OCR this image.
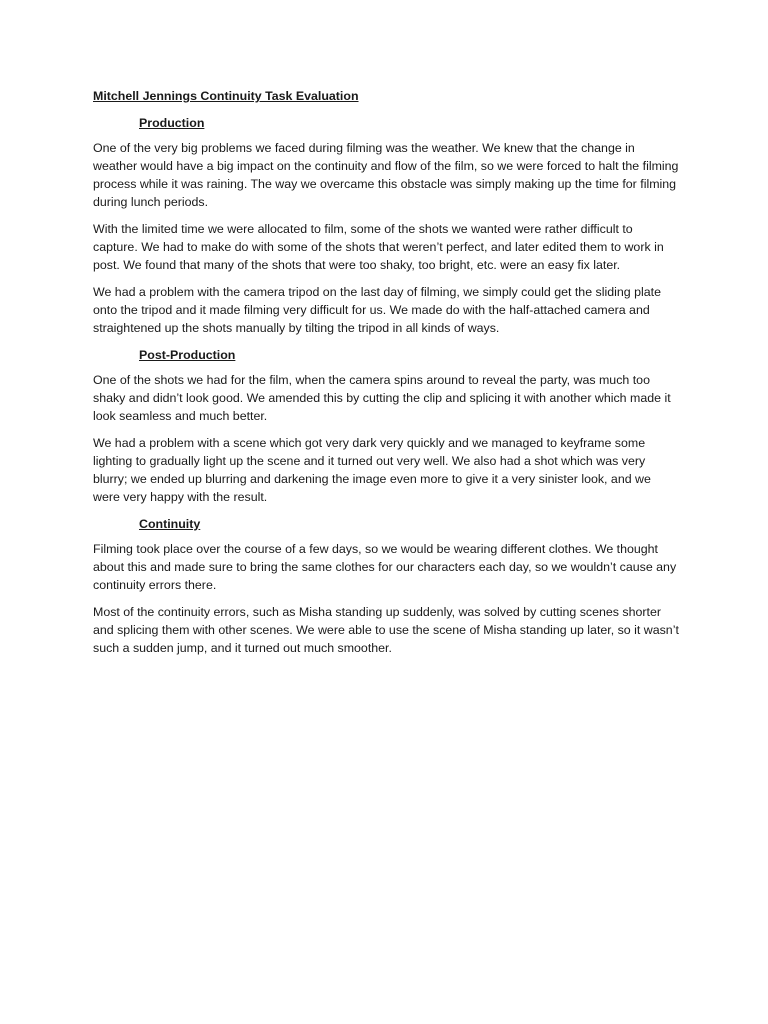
Mitchell Jennings Continuity Task Evaluation

Production

One of the very big problems we faced during filming was the weather. We knew that the change in weather would have a big impact on the continuity and flow of the film, so we were forced to halt the filming process while it was raining. The way we overcame this obstacle was simply making up the time for filming during lunch periods.

With the limited time we were allocated to film, some of the shots we wanted were rather difficult to capture. We had to make do with some of the shots that weren’t perfect, and later edited them to work in post. We found that many of the shots that were too shaky, too bright, etc. were an easy fix later.

We had a problem with the camera tripod on the last day of filming, we simply could get the sliding plate onto the tripod and it made filming very difficult for us. We made do with the half-attached camera and straightened up the shots manually by tilting the tripod in all kinds of ways.

Post-Production

One of the shots we had for the film, when the camera spins around to reveal the party, was much too shaky and didn’t look good. We amended this by cutting the clip and splicing it with another which made it look seamless and much better.

We had a problem with a scene which got very dark very quickly and we managed to keyframe some lighting to gradually light up the scene and it turned out very well. We also had a shot which was very blurry; we ended up blurring and darkening the image even more to give it a very sinister look, and we were very happy with the result.

Continuity

Filming took place over the course of a few days, so we would be wearing different clothes. We thought about this and made sure to bring the same clothes for our characters each day, so we wouldn’t cause any continuity errors there.

Most of the continuity errors, such as Misha standing up suddenly, was solved by cutting scenes shorter and splicing them with other scenes. We were able to use the scene of Misha standing up later, so it wasn’t such a sudden jump, and it turned out much smoother.
